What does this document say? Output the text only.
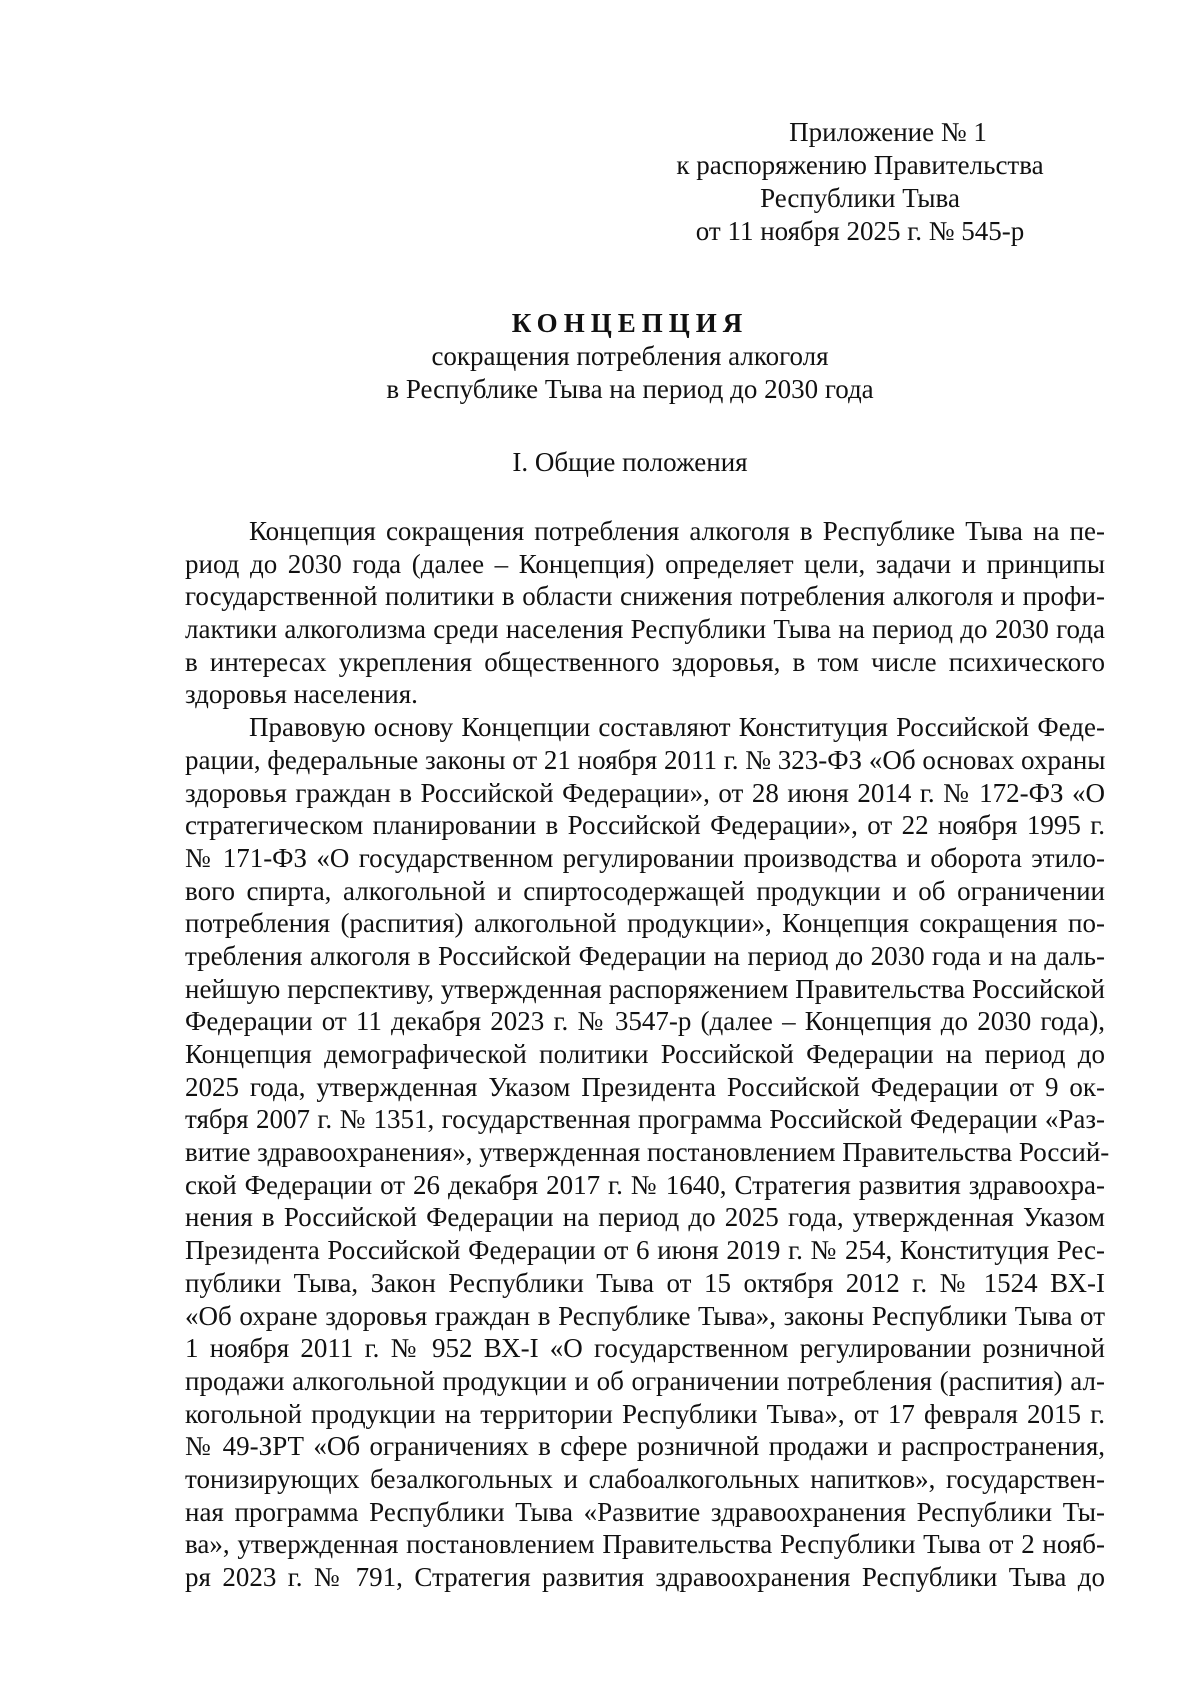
Приложение № 1
к распоряжению Правительства
Республики Тыва
от 11 ноября 2025 г. № 545-р
КОНЦЕПЦИЯ
сокращения потребления алкоголя
в Республике Тыва на период до 2030 года
I. Общие положения
Концепция сокращения потребления алкоголя в Республике Тыва на пе-
риод до 2030 года (далее – Концепция) определяет цели, задачи и принципы
государственной политики в области снижения потребления алкоголя и профи-
лактики алкоголизма среди населения Республики Тыва на период до 2030 года
в интересах укрепления общественного здоровья, в том числе психического
здоровья населения.
Правовую основу Концепции составляют Конституция Российской Феде-
рации, федеральные законы от 21 ноября 2011 г. № 323-ФЗ «Об основах охраны
здоровья граждан в Российской Федерации», от 28 июня 2014 г. № 172-ФЗ «О
стратегическом планировании в Российской Федерации», от 22 ноября 1995 г.
№ 171-ФЗ «О государственном регулировании производства и оборота этило-
вого спирта, алкогольной и спиртосодержащей продукции и об ограничении
потребления (распития) алкогольной продукции», Концепция сокращения по-
требления алкоголя в Российской Федерации на период до 2030 года и на даль-
нейшую перспективу, утвержденная распоряжением Правительства Российской
Федерации от 11 декабря 2023 г. № 3547-р (далее – Концепция до 2030 года),
Концепция демографической политики Российской Федерации на период до
2025 года, утвержденная Указом Президента Российской Федерации от 9 ок-
тября 2007 г. № 1351, государственная программа Российской Федерации «Раз-
витие здравоохранения», утвержденная постановлением Правительства Россий-
ской Федерации от 26 декабря 2017 г. № 1640, Стратегия развития здравоохра-
нения в Российской Федерации на период до 2025 года, утвержденная Указом
Президента Российской Федерации от 6 июня 2019 г. № 254, Конституция Рес-
публики Тыва, Закон Республики Тыва от 15 октября 2012 г. № 1524 ВХ-I
«Об охране здоровья граждан в Республике Тыва», законы Республики Тыва от
1 ноября 2011 г. № 952 ВХ-I «О государственном регулировании розничной
продажи алкогольной продукции и об ограничении потребления (распития) ал-
когольной продукции на территории Республики Тыва», от 17 февраля 2015 г.
№ 49-ЗРТ «Об ограничениях в сфере розничной продажи и распространения,
тонизирующих безалкогольных и слабоалкогольных напитков», государствен-
ная программа Республики Тыва «Развитие здравоохранения Республики Ты-
ва», утвержденная постановлением Правительства Республики Тыва от 2 нояб-
ря 2023 г. № 791, Стратегия развития здравоохранения Республики Тыва до
